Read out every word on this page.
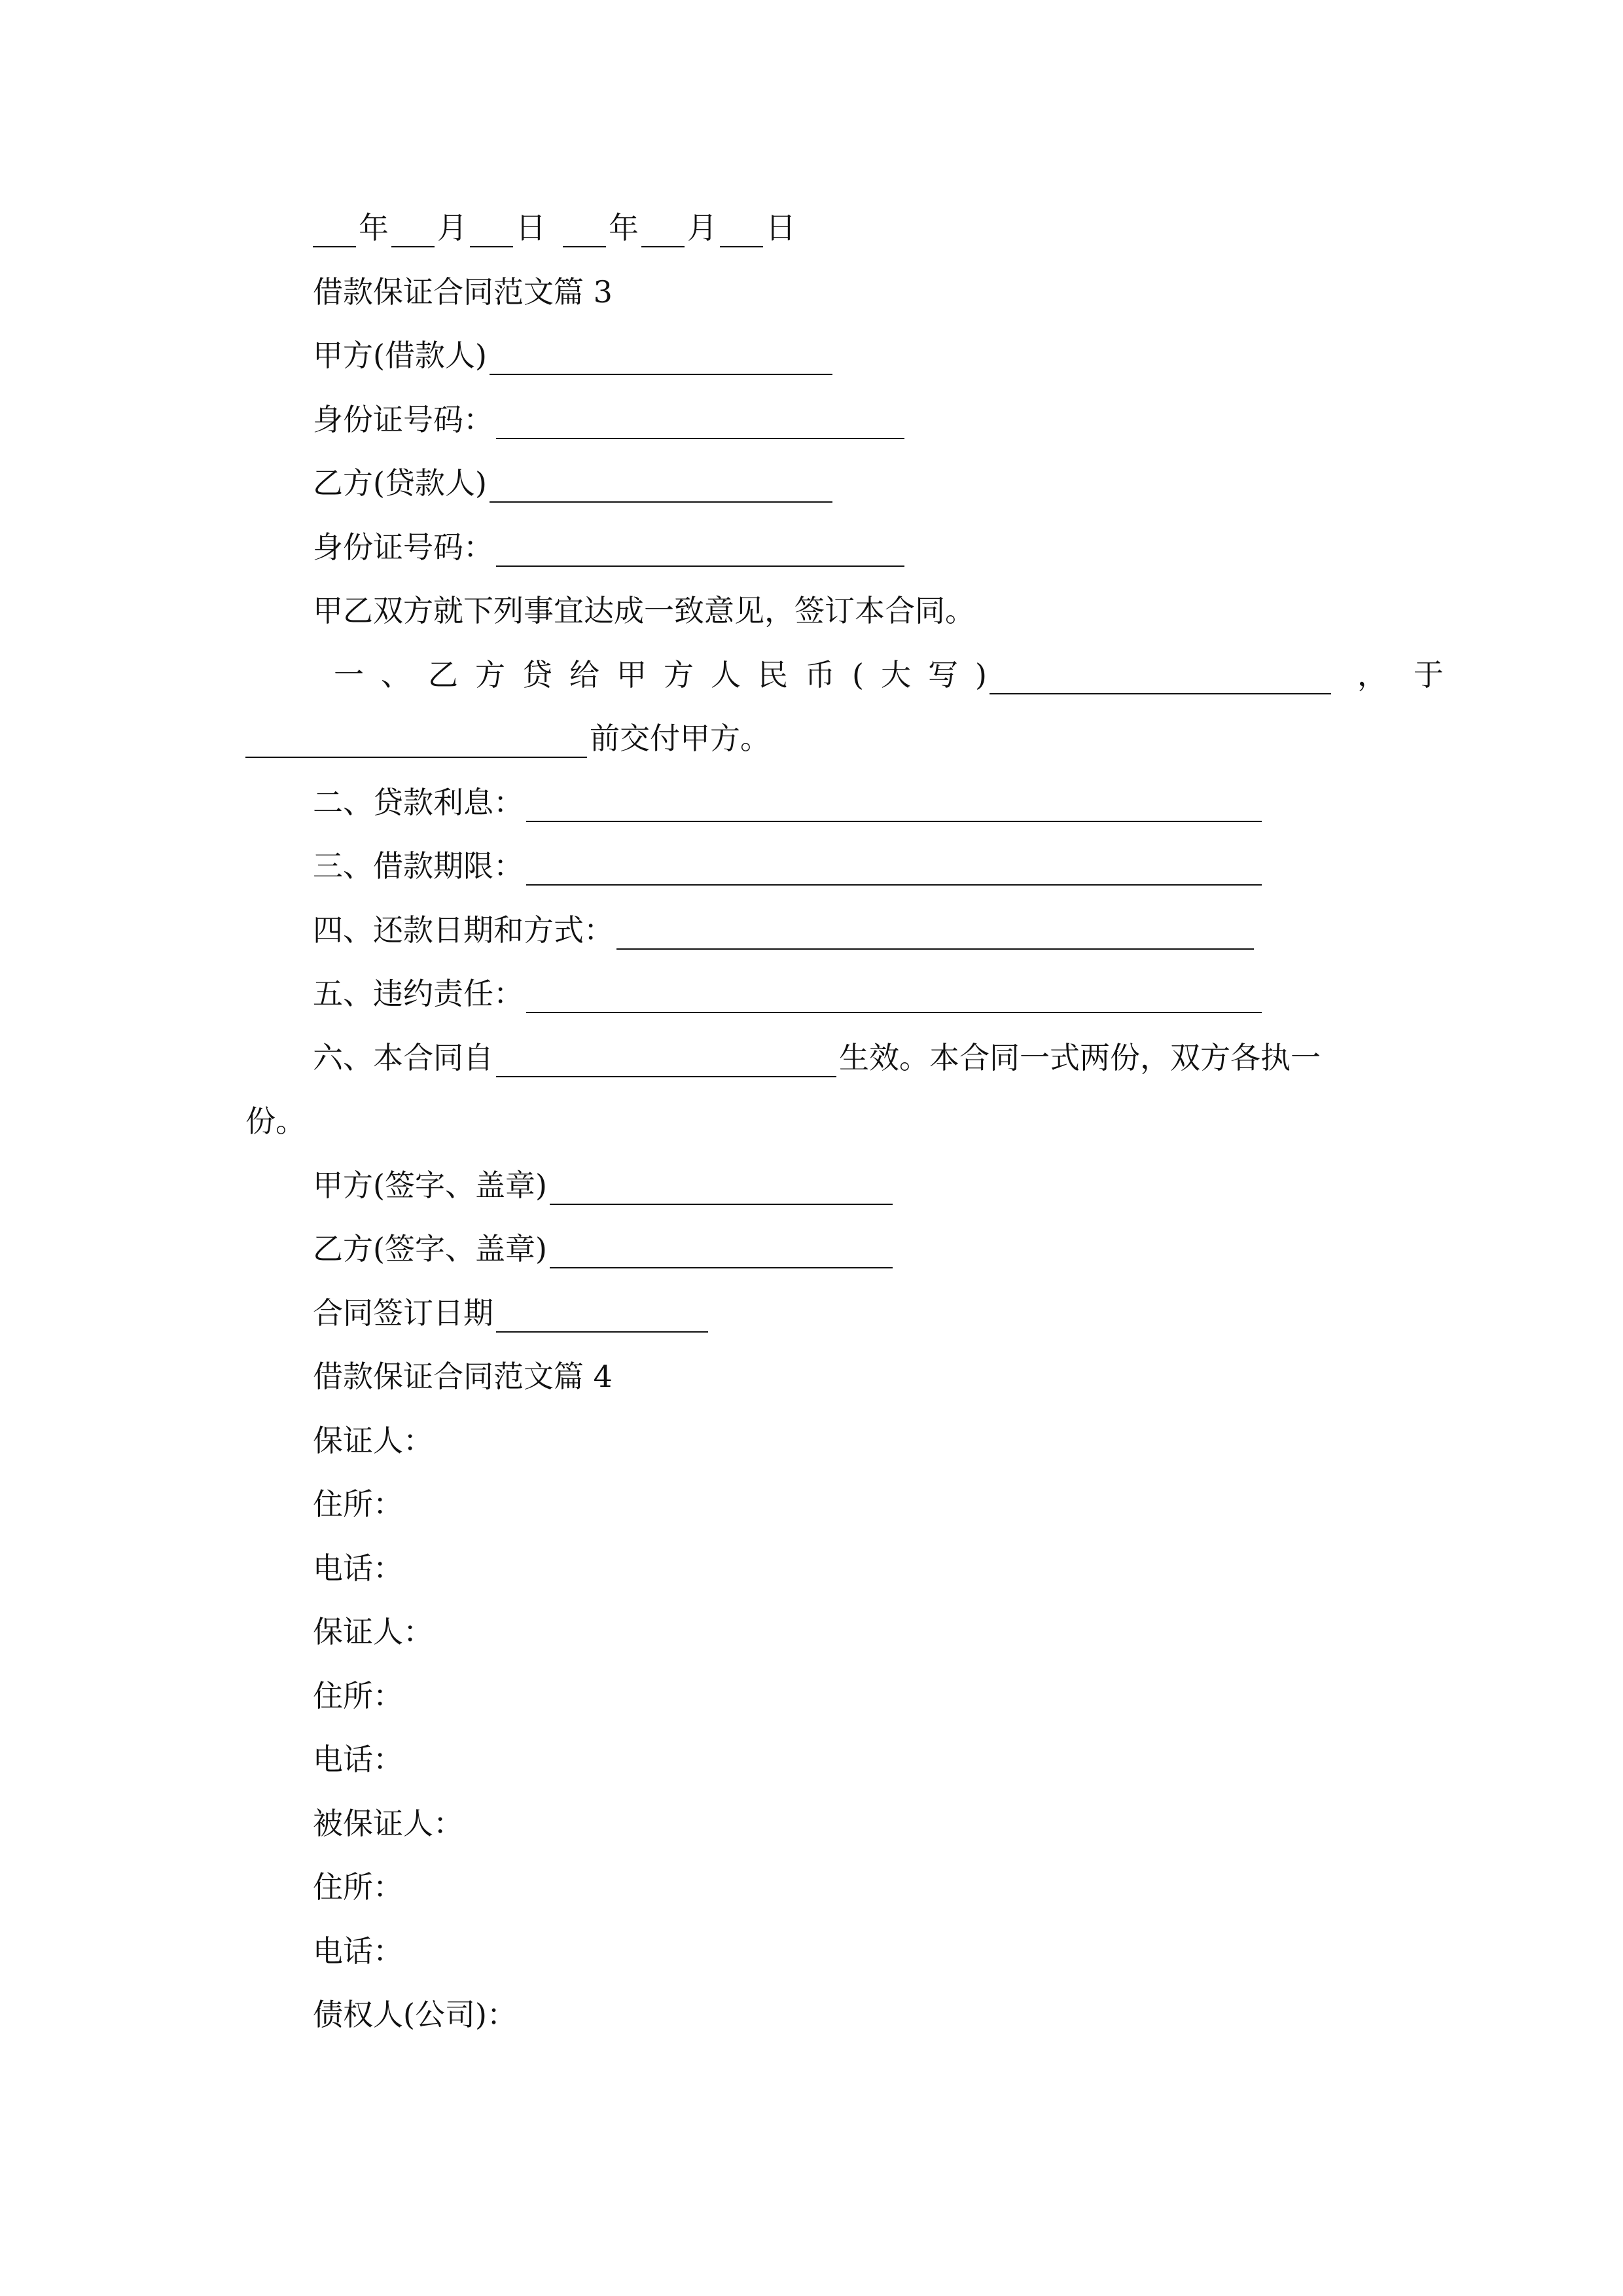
年 月 日 年 月 日
借款保证合同范文篇 3
甲方(借款人)
身份证号码：
乙方(贷款人)
身份证号码：
甲乙双方就下列事宜达成一致意见，签订本合同。
一、乙方贷给甲方人民币(大写)	， 于
前交付甲方。
二、贷款利息：
三、借款期限：
四、还款日期和方式：
五、违约责任：
六、本合同自	生效。本合同一式两份，双方各执一
份。
甲方(签字、盖章)
乙方(签字、盖章)
合同签订日期
借款保证合同范文篇 4
保证人：
住所：
电话：
保证人：
住所：
电话：
被保证人：
住所：
电话：
债权人(公司)：
